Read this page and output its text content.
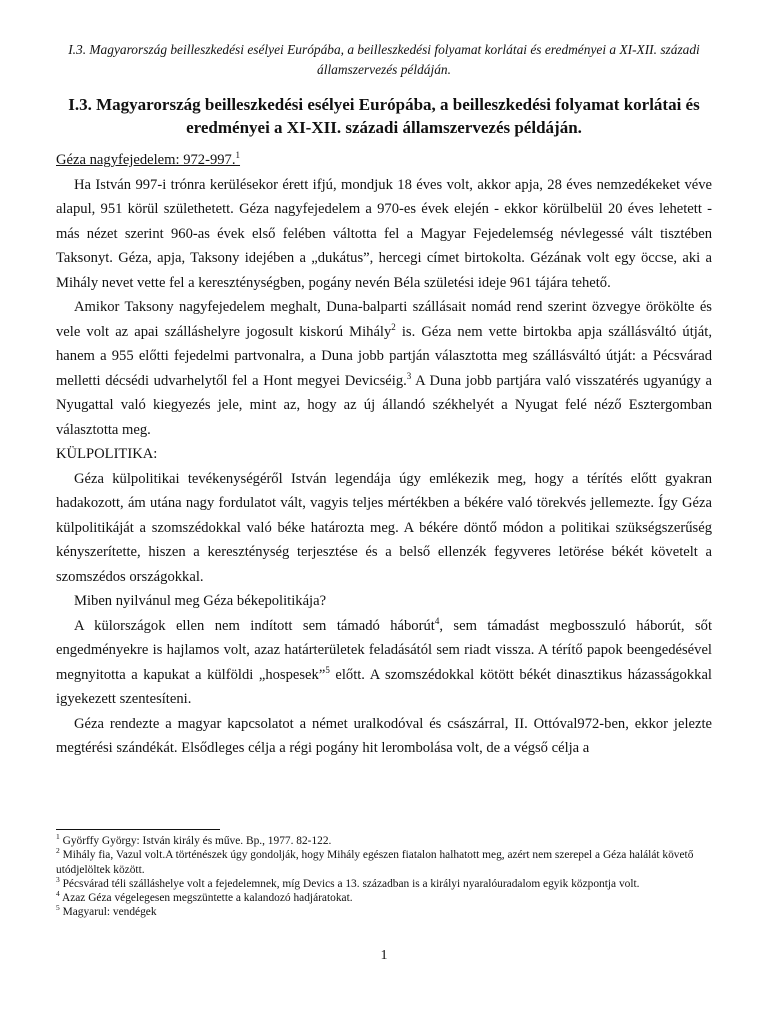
I.3. Magyarország beilleszkedési esélyei Európába, a beilleszkedési folyamat korlátai és eredményei a XI-XII. századi államszervezés példáján.
I.3. Magyarország beilleszkedési esélyei Európába, a beilleszkedési folyamat korlátai és eredményei a XI-XII. századi államszervezés példáján.

Géza nagyfejedelem: 972-997.$^1$

Ha István 997-i trónra kerülésekor érett ifjú, mondjuk 18 éves volt, akkor apja, 28 éves nemzedékeket véve alapul, 951 körül születhetett. Géza nagyfejedelem a 970-es évek elején - ekkor körülbelül 20 éves lehetett - más nézet szerint 960-as évek első felében váltotta fel a Magyar Fejedelemség névlegessé vált tisztében Taksonyt. Géza, apja, Taksony idejében a „dukátus”, hercegi címet birtokolta. Gézának volt egy öccse, aki a Mihály nevet vette fel a kereszténységben, pogány nevén Béla születési ideje 961 tájára tehető.

Amikor Taksony nagyfejedelem meghalt, Duna-balparti szállásait nomád rend szerint özvegye örökölte és vele volt az apai szálláshelyre jogosult kiskorú Mihály$^2$ is. Géza nem vette birtokba apja szállásváltó útját, hanem a 955 előtti fejedelmi partvonalra, a Duna jobb partján választotta meg szállásváltó útját: a Pécsvárad melletti décsédi udvarhelytől fel a Hont megyei Devicséig.$^3$ A Duna jobb partjára való visszatérés ugyanúgy a Nyugattal való kiegyezés jele, mint az, hogy az új állandó székhelyét a Nyugat felé néző Esztergomban választotta meg.

KÜLPOLITIKA:

Géza külpolitikai tevékenységéről István legendája úgy emlékezik meg, hogy a térítés előtt gyakran hadakozott, ám utána nagy fordulatot vált, vagyis teljes mértékben a békére való törekvés jellemezte. Így Géza külpolitikáját a szomszédokkal való béke határozta meg. A békére döntő módon a politikai szükségszerűség kényszerítette, hiszen a kereszténység terjesztése és a belső ellenzék fegyveres letörése békét követelt a szomszédos országokkal.

Miben nyilvánul meg Géza békepolitikája?

A külországok ellen nem indított sem támadó háborút$^4$, sem támadást megbosszuló háborút, sőt engedményekre is hajlamos volt, azaz határterületek feladásától sem riadt vissza. A térítő papok beengedésével megnyitotta a kapukat a külföldi „hospesek”$^5$ előtt. A szomszédokkal kötött békét dinasztikus házasságokkal igyekezett szentesíteni.

Géza rendezte a magyar kapcsolatot a német uralkodóval és császárral, II. Ottóval972-ben, ekkor jelezte megtérési szándékát. Elsődleges célja a régi pogány hit lerombolása volt, de a végső célja a

$^1$ Györffy György: István király és műve. Bp., 1977. 82-122.
$^2$ Mihály fia, Vazul volt.A történészek úgy gondolják, hogy Mihály egészen fiatalon halhatott meg, azért nem szerepel a Géza halálát követő utódjelöltek között.
$^3$ Pécsvárad téli szálláshelye volt a fejedelemnek, míg Devics a 13. században is a királyi nyaralóuradalom egyik központja volt.
$^4$ Azaz Géza végelegesen megszüntette a kalandozó hadjáratokat.
$^5$ Magyarul: vendégek
1
